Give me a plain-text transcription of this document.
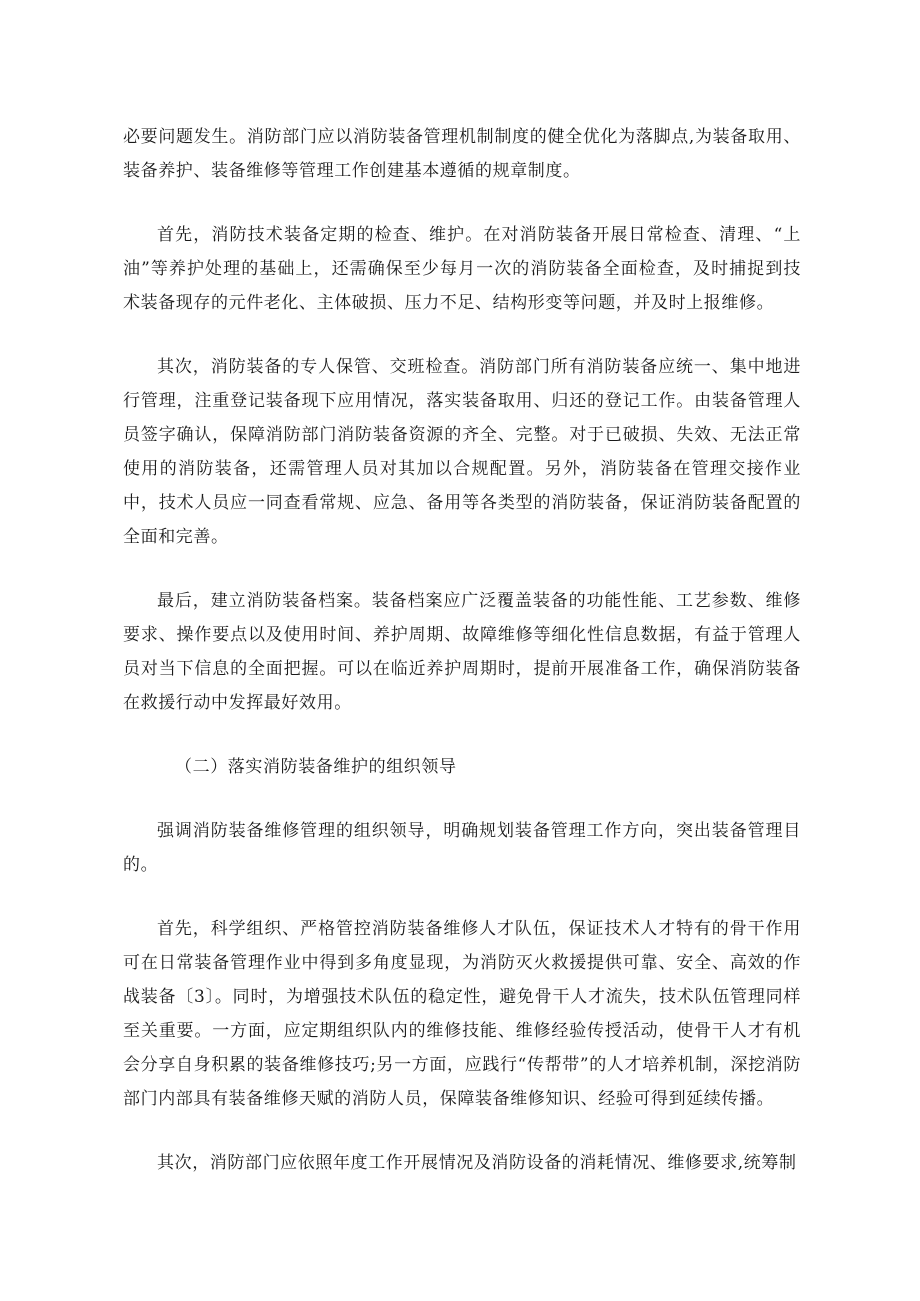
必要问题发生。消防部门应以消防装备管理机制制度的健全优化为落脚点,为装备取用、装备养护、装备维修等管理工作创建基本遵循的规章制度。

首先，消防技术装备定期的检查、维护。在对消防装备开展日常检查、清理、“上油”等养护处理的基础上，还需确保至少每月一次的消防装备全面检查，及时捕捉到技术装备现存的元件老化、主体破损、压力不足、结构形变等问题，并及时上报维修。

其次，消防装备的专人保管、交班检查。消防部门所有消防装备应统一、集中地进行管理，注重登记装备现下应用情况，落实装备取用、归还的登记工作。由装备管理人员签字确认，保障消防部门消防装备资源的齐全、完整。对于已破损、失效、无法正常使用的消防装备，还需管理人员对其加以合规配置。另外，消防装备在管理交接作业中，技术人员应一同查看常规、应急、备用等各类型的消防装备，保证消防装备配置的全面和完善。

最后，建立消防装备档案。装备档案应广泛覆盖装备的功能性能、工艺参数、维修要求、操作要点以及使用时间、养护周期、故障维修等细化性信息数据，有益于管理人员对当下信息的全面把握。可以在临近养护周期时，提前开展准备工作，确保消防装备在救援行动中发挥最好效用。

（二）落实消防装备维护的组织领导

强调消防装备维修管理的组织领导，明确规划装备管理工作方向，突出装备管理目的。

首先，科学组织、严格管控消防装备维修人才队伍，保证技术人才特有的骨干作用可在日常装备管理作业中得到多角度显现，为消防灭火救援提供可靠、安全、高效的作战装备〔3〕。同时，为增强技术队伍的稳定性，避免骨干人才流失，技术队伍管理同样至关重要。一方面，应定期组织队内的维修技能、维修经验传授活动，使骨干人才有机会分享自身积累的装备维修技巧;另一方面，应践行“传帮带”的人才培养机制，深挖消防部门内部具有装备维修天赋的消防人员，保障装备维修知识、经验可得到延续传播。

其次，消防部门应依照年度工作开展情况及消防设备的消耗情况、维修要求,统筹制
